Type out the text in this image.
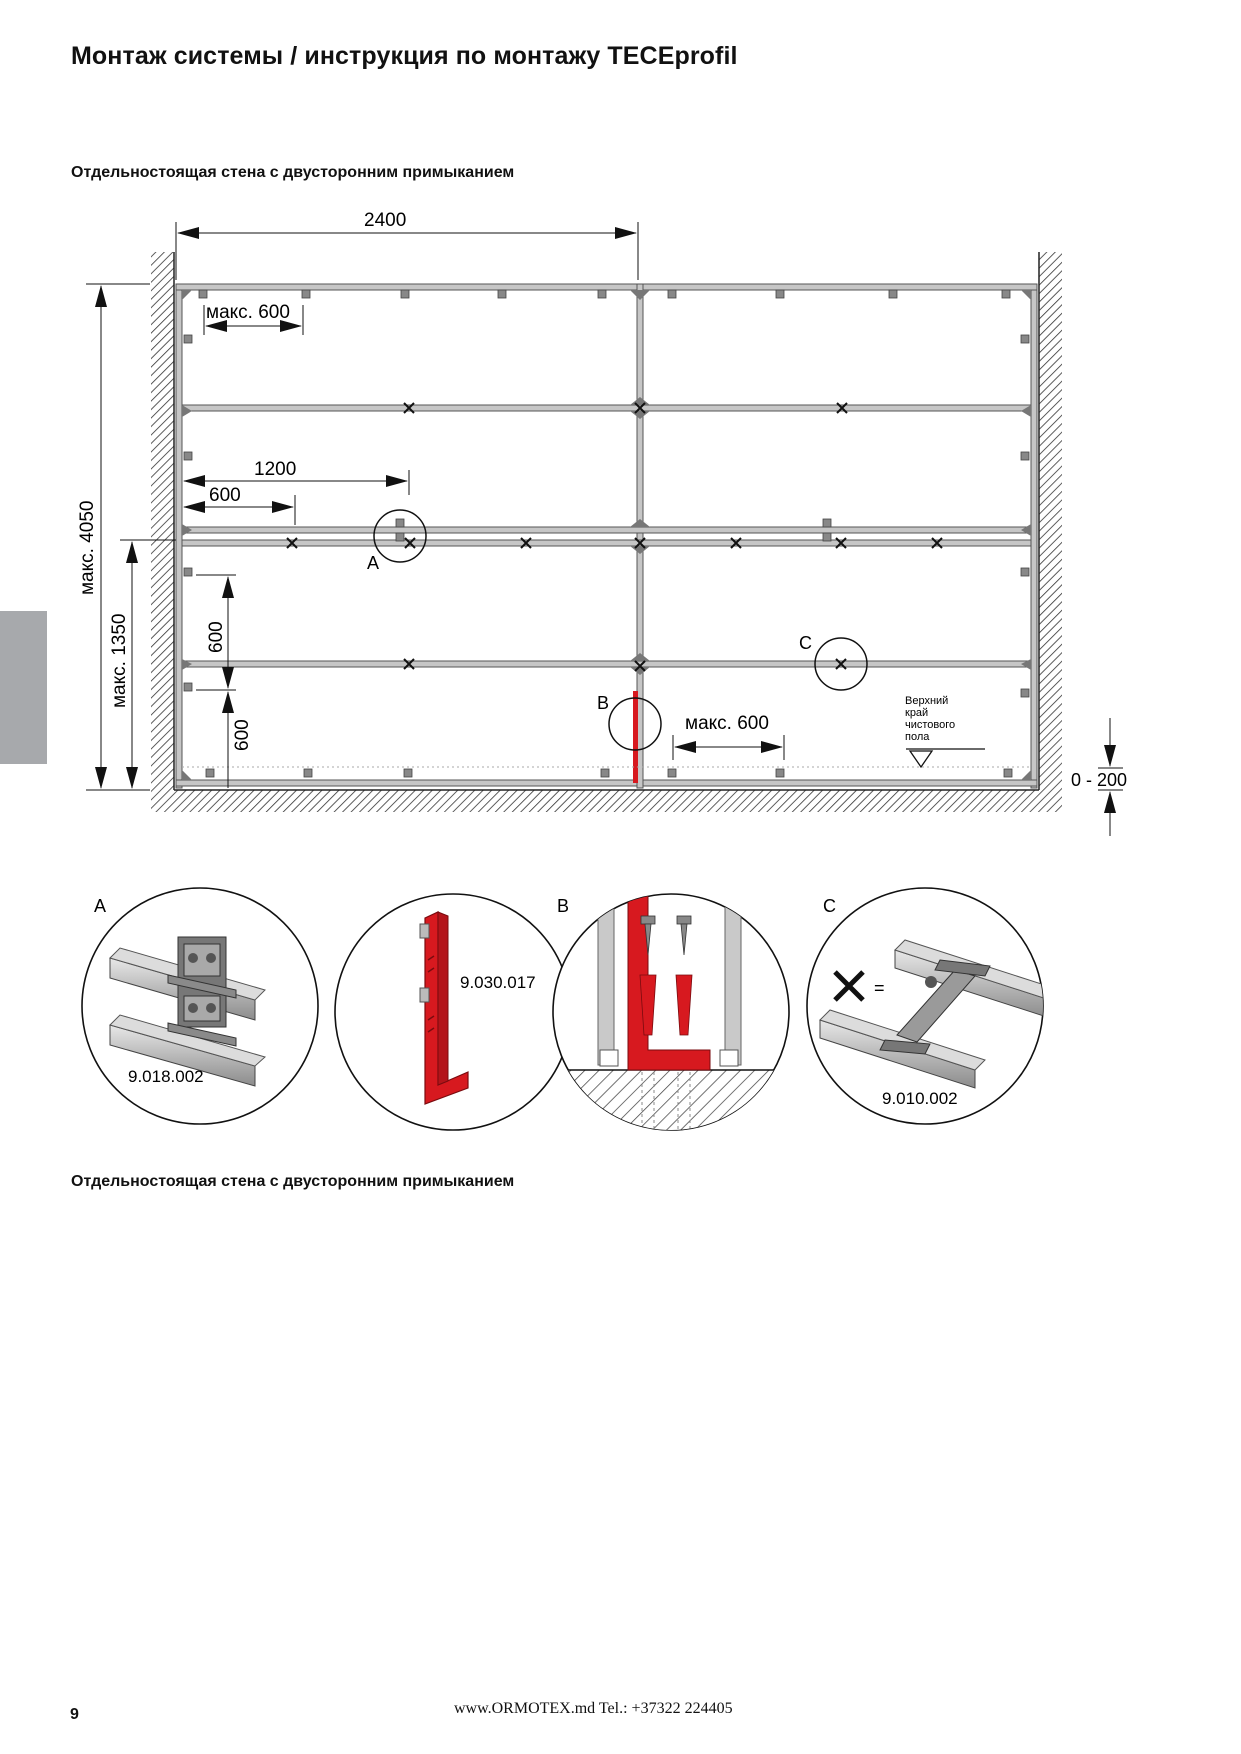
Монтаж системы / инструкция по монтажу TECEprofil
Отдельностоящая стена с двусторонним примыканием
A
B
C
2400
макс. 600
1200
600
макс. 4050
макс. 1350	600
600	макс. 600
Верхний
край
чистового
пола
0 - 200
A	B	C
9.018.002
9.030.017	=
9.010.002
Отдельностоящая стена с двусторонним примыканием
9	www.ORMOTEX.md Tel.: +37322 224405
